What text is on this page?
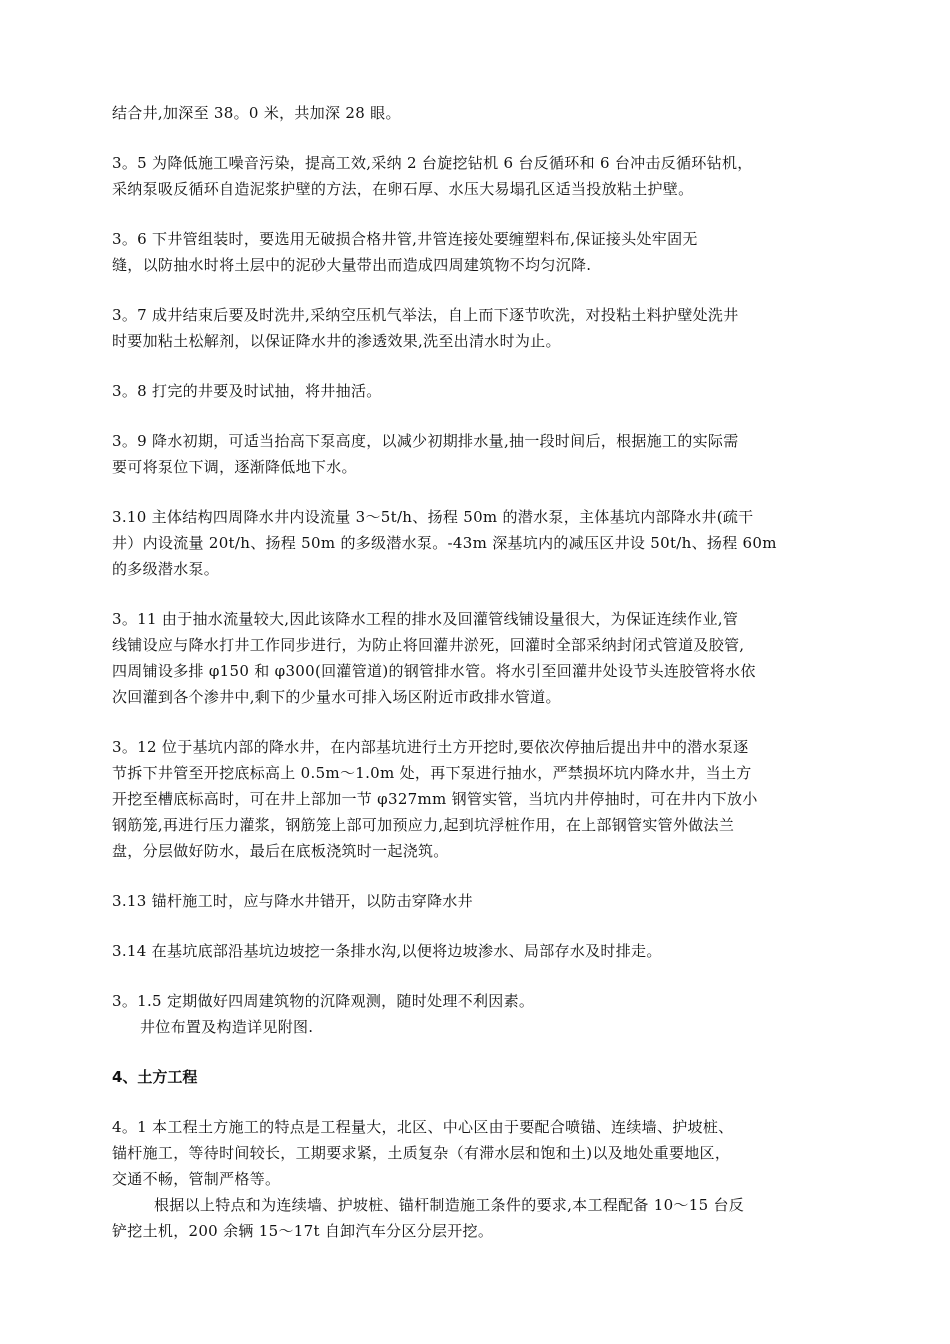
结合井,加深至 38。0 米，共加深 28 眼。
3。5 为降低施工噪音污染，提高工效,采纳 2 台旋挖钻机 6 台反循环和 6 台冲击反循环钻机，
采纳泵吸反循环自造泥浆护壁的方法，在卵石厚、水压大易塌孔区适当投放粘土护壁。
3。6 下井管组装时，要选用无破损合格井管,井管连接处要缠塑料布,保证接头处牢固无
缝，以防抽水时将土层中的泥砂大量带出而造成四周建筑物不均匀沉降.
3。7 成井结束后要及时洗井,采纳空压机气举法，自上而下逐节吹洗，对投粘土料护壁处洗井
时要加粘土松解剂，以保证降水井的渗透效果,洗至出清水时为止。
3。8 打完的井要及时试抽，将井抽活。
3。9 降水初期，可适当抬高下泵高度，以减少初期排水量,抽一段时间后，根据施工的实际需
要可将泵位下调，逐渐降低地下水。
3.10 主体结构四周降水井内设流量 3～5t/h、扬程 50m 的潜水泵，主体基坑内部降水井(疏干
井）内设流量 20t/h、扬程 50m 的多级潜水泵。-43m 深基坑内的减压区井设 50t/h、扬程 60m
的多级潜水泵。
3。11 由于抽水流量较大,因此该降水工程的排水及回灌管线铺设量很大，为保证连续作业,管
线铺设应与降水打井工作同步进行，为防止将回灌井淤死，回灌时全部采纳封闭式管道及胶管,
四周铺设多排 φ150 和 φ300(回灌管道)的钢管排水管。将水引至回灌井处设节头连胶管将水依
次回灌到各个渗井中,剩下的少量水可排入场区附近市政排水管道。
3。12 位于基坑内部的降水井，在内部基坑进行土方开挖时,要依次停抽后提出井中的潜水泵逐
节拆下井管至开挖底标高上 0.5m～1.0m 处，再下泵进行抽水，严禁损坏坑内降水井，当土方
开挖至槽底标高时，可在井上部加一节 φ327mm 钢管实管，当坑内井停抽时，可在井内下放小
钢筋笼,再进行压力灌浆，钢筋笼上部可加预应力,起到坑浮桩作用，在上部钢管实管外做法兰
盘，分层做好防水，最后在底板浇筑时一起浇筑。
3.13 锚杆施工时，应与降水井错开，以防击穿降水井
3.14 在基坑底部沿基坑边坡挖一条排水沟,以便将边坡渗水、局部存水及时排走。
3。1.5 定期做好四周建筑物的沉降观测，随时处理不利因素。
井位布置及构造详见附图.
4、土方工程
4。1 本工程土方施工的特点是工程量大，北区、中心区由于要配合喷锚、连续墙、护坡桩、
锚杆施工，等待时间较长，工期要求紧，土质复杂（有滞水层和饱和土)以及地处重要地区，
交通不畅，管制严格等。
根据以上特点和为连续墙、护坡桩、锚杆制造施工条件的要求,本工程配备 10～15 台反
铲挖土机，200 余辆 15～17t 自卸汽车分区分层开挖。
